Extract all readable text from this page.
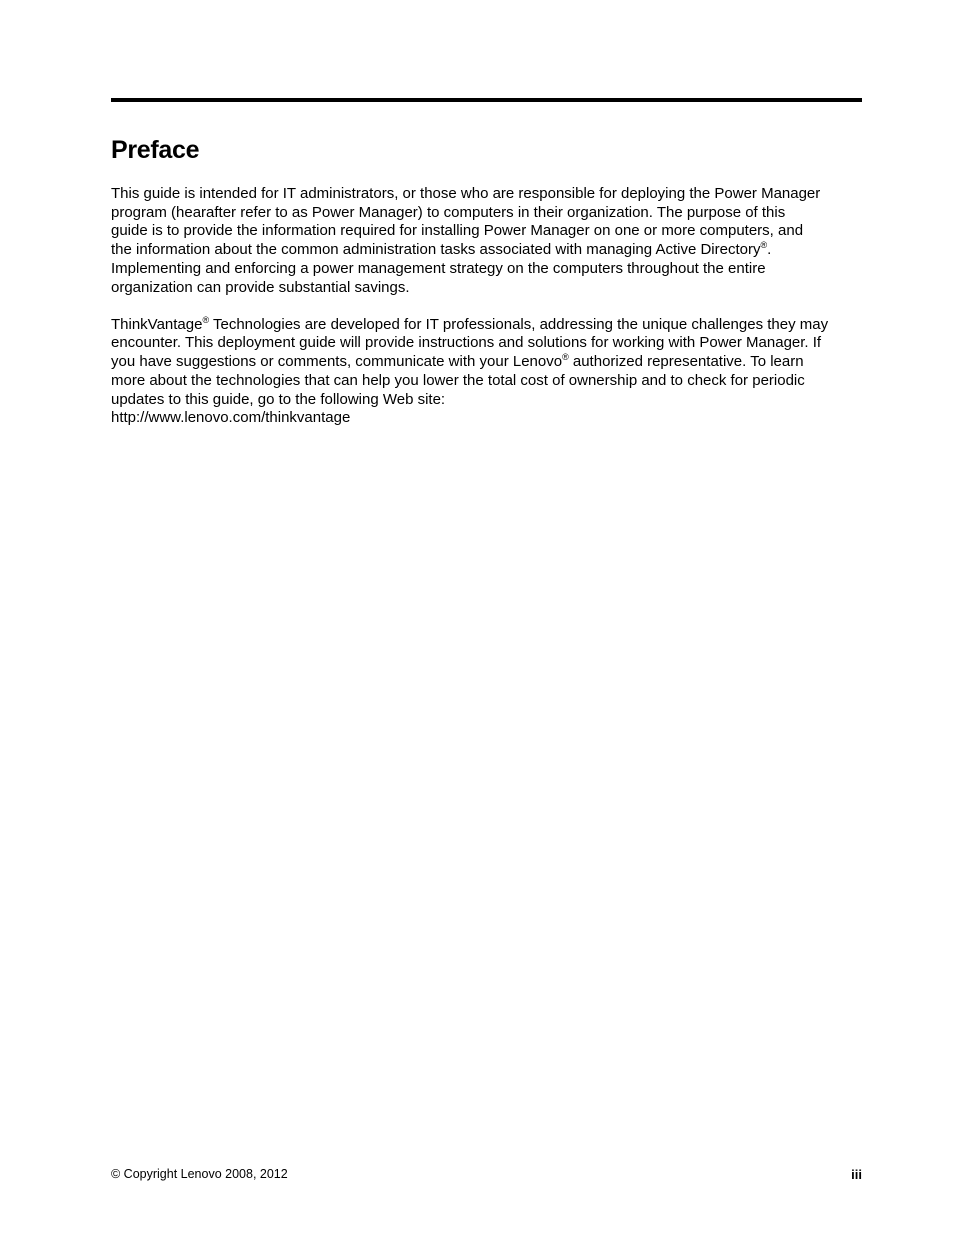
Preface

This guide is intended for IT administrators, or those who are responsible for deploying the Power Manager
program (hearafter refer to as Power Manager) to computers in their organization. The purpose of this
guide is to provide the information required for installing Power Manager on one or more computers, and
the information about the common administration tasks associated with managing Active Directory®.
Implementing and enforcing a power management strategy on the computers throughout the entire
organization can provide substantial savings.

ThinkVantage® Technologies are developed for IT professionals, addressing the unique challenges they may
encounter. This deployment guide will provide instructions and solutions for working with Power Manager. If
you have suggestions or comments, communicate with your Lenovo® authorized representative. To learn
more about the technologies that can help you lower the total cost of ownership and to check for periodic
updates to this guide, go to the following Web site:
http://www.lenovo.com/thinkvantage

© Copyright Lenovo 2008, 2012	iii
